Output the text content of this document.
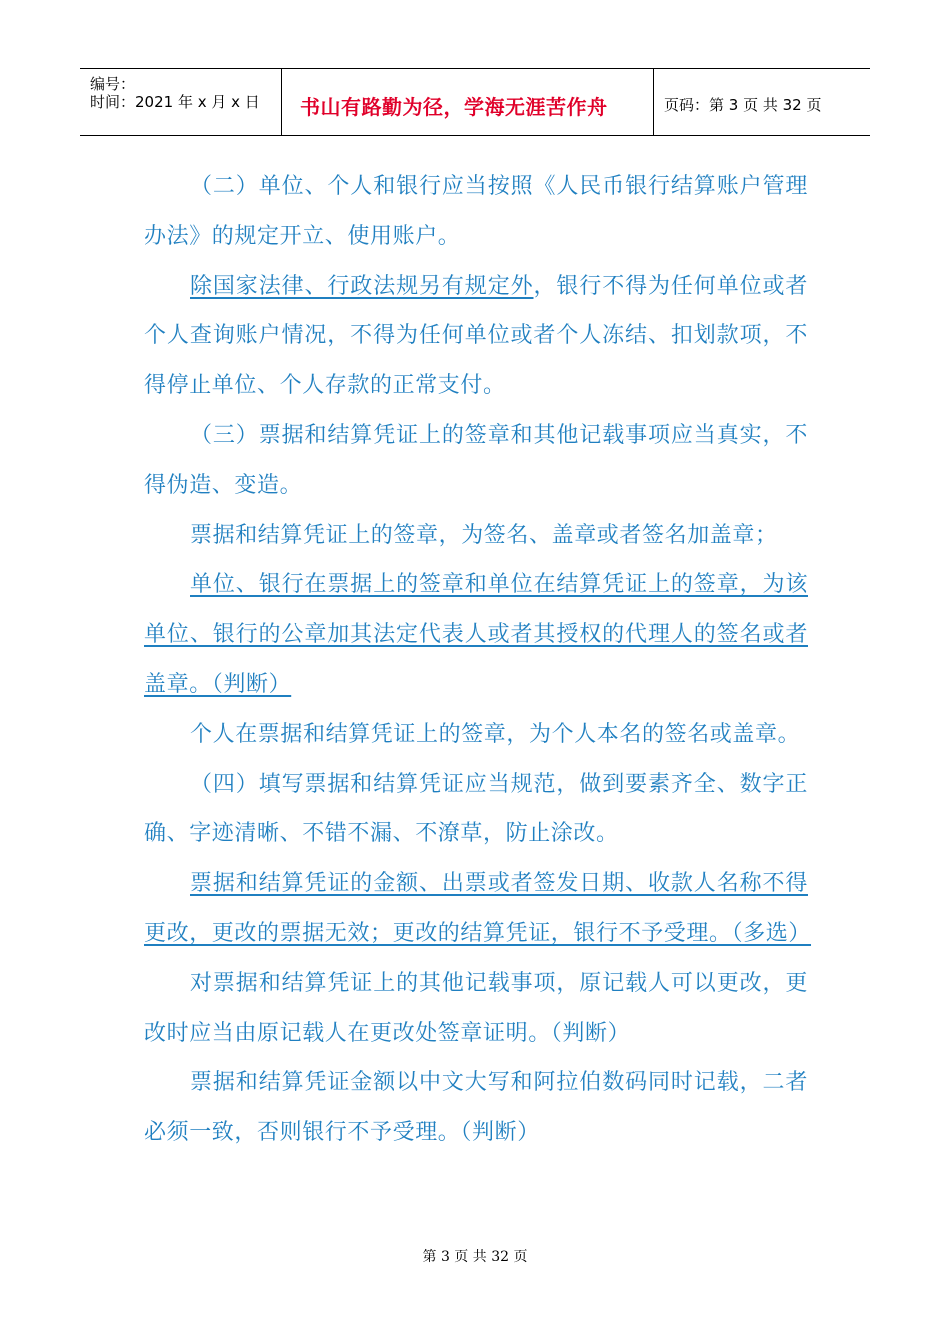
编号：
时间：2021 年 x 月 x 日 书山有路勤为径，学海无涯苦作舟	页码：第 3 页 共 32 页

（二）单位、个人和银行应当按照《人民币银行结算账户管理办法》的规定开立、使用账户。

除国家法律、行政法规另有规定外，银行不得为任何单位或者个人查询账户情况，不得为任何单位或者个人冻结、扣划款项，不得停止单位、个人存款的正常支付。

（三）票据和结算凭证上的签章和其他记载事项应当真实，不得伪造、变造。

票据和结算凭证上的签章，为签名、盖章或者签名加盖章；

单位、银行在票据上的签章和单位在结算凭证上的签章，为该单位、银行的公章加其法定代表人或者其授权的代理人的签名或者盖章。（判断）

个人在票据和结算凭证上的签章，为个人本名的签名或盖章。

（四）填写票据和结算凭证应当规范，做到要素齐全、数字正确、字迹清晰、不错不漏、不潦草，防止涂改。

票据和结算凭证的金额、出票或者签发日期、收款人名称不得更改，更改的票据无效；更改的结算凭证，银行不予受理。（多选）

对票据和结算凭证上的其他记载事项，原记载人可以更改，更改时应当由原记载人在更改处签章证明。（判断）

票据和结算凭证金额以中文大写和阿拉伯数码同时记载，二者必须一致，否则银行不予受理。（判断）

第 3 页 共 32 页
